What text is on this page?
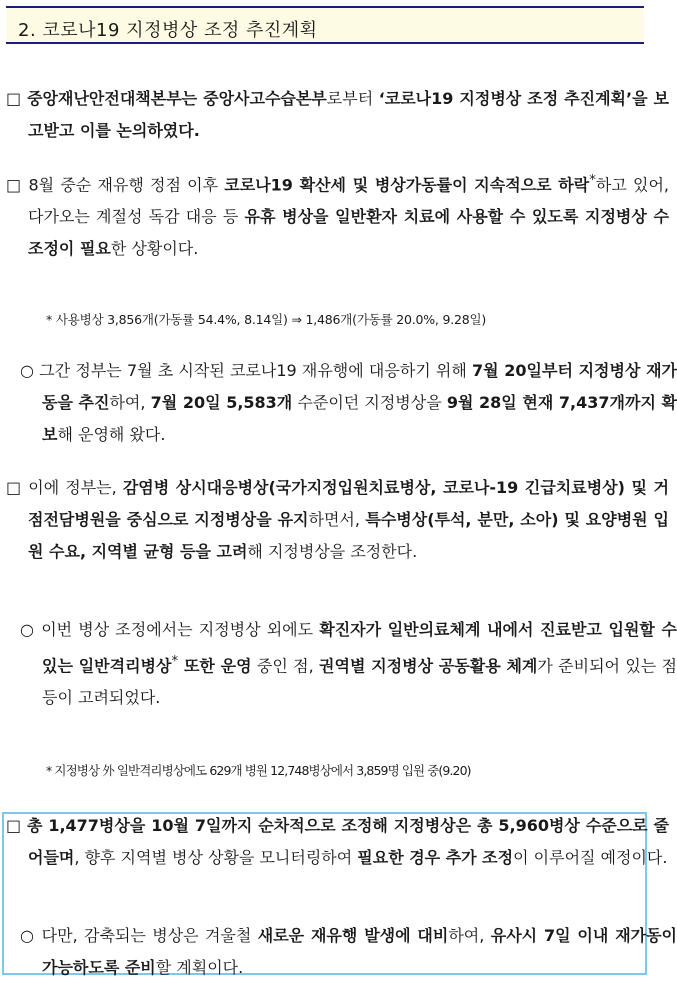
2. 코로나19 지정병상 조정 추진계획
□ 중앙재난안전대책본부는 중앙사고수습본부로부터 ‘코로나19 지정병상 조정 추진계획’을 보고받고 이를 논의하였다.
□ 8월 중순 재유행 정점 이후 코로나19 확산세 및 병상가동률이 지속적으로 하락*하고 있어, 다가오는 계절성 독감 대응 등 유휴 병상을 일반환자 치료에 사용할 수 있도록 지정병상 수 조정이 필요한 상황이다.
* 사용병상 3,856개(가동률 54.4%, 8.14일) ⇒ 1,486개(가동률 20.0%, 9.28일)
○ 그간 정부는 7월 초 시작된 코로나19 재유행에 대응하기 위해 7월 20일부터 지정병상 재가동을 추진하여, 7월 20일 5,583개 수준이던 지정병상을 9월 28일 현재 7,437개까지 확보해 운영해 왔다.
□ 이에 정부는, 감염병 상시대응병상(국가지정입원치료병상, 코로나-19 긴급치료병상) 및 거점전담병원을 중심으로 지정병상을 유지하면서, 특수병상(투석, 분만, 소아) 및 요양병원 입원 수요, 지역별 균형 등을 고려해 지정병상을 조정한다.
○ 이번 병상 조정에서는 지정병상 외에도 확진자가 일반의료체계 내에서 진료받고 입원할 수 있는 일반격리병상* 또한 운영 중인 점, 권역별 지정병상 공동활용 체계가 준비되어 있는 점 등이 고려되었다.
* 지정병상 外 일반격리병상에도 629개 병원 12,748병상에서 3,859명 입원 중(9.20)
□ 총 1,477병상을 10월 7일까지 순차적으로 조정해 지정병상은 총 5,960병상 수준으로 줄어들며, 향후 지역별 병상 상황을 모니터링하여 필요한 경우 추가 조정이 이루어질 예정이다.
○ 다만, 감축되는 병상은 겨울철 새로운 재유행 발생에 대비하여, 유사시 7일 이내 재가동이 가능하도록 준비할 계획이다.
